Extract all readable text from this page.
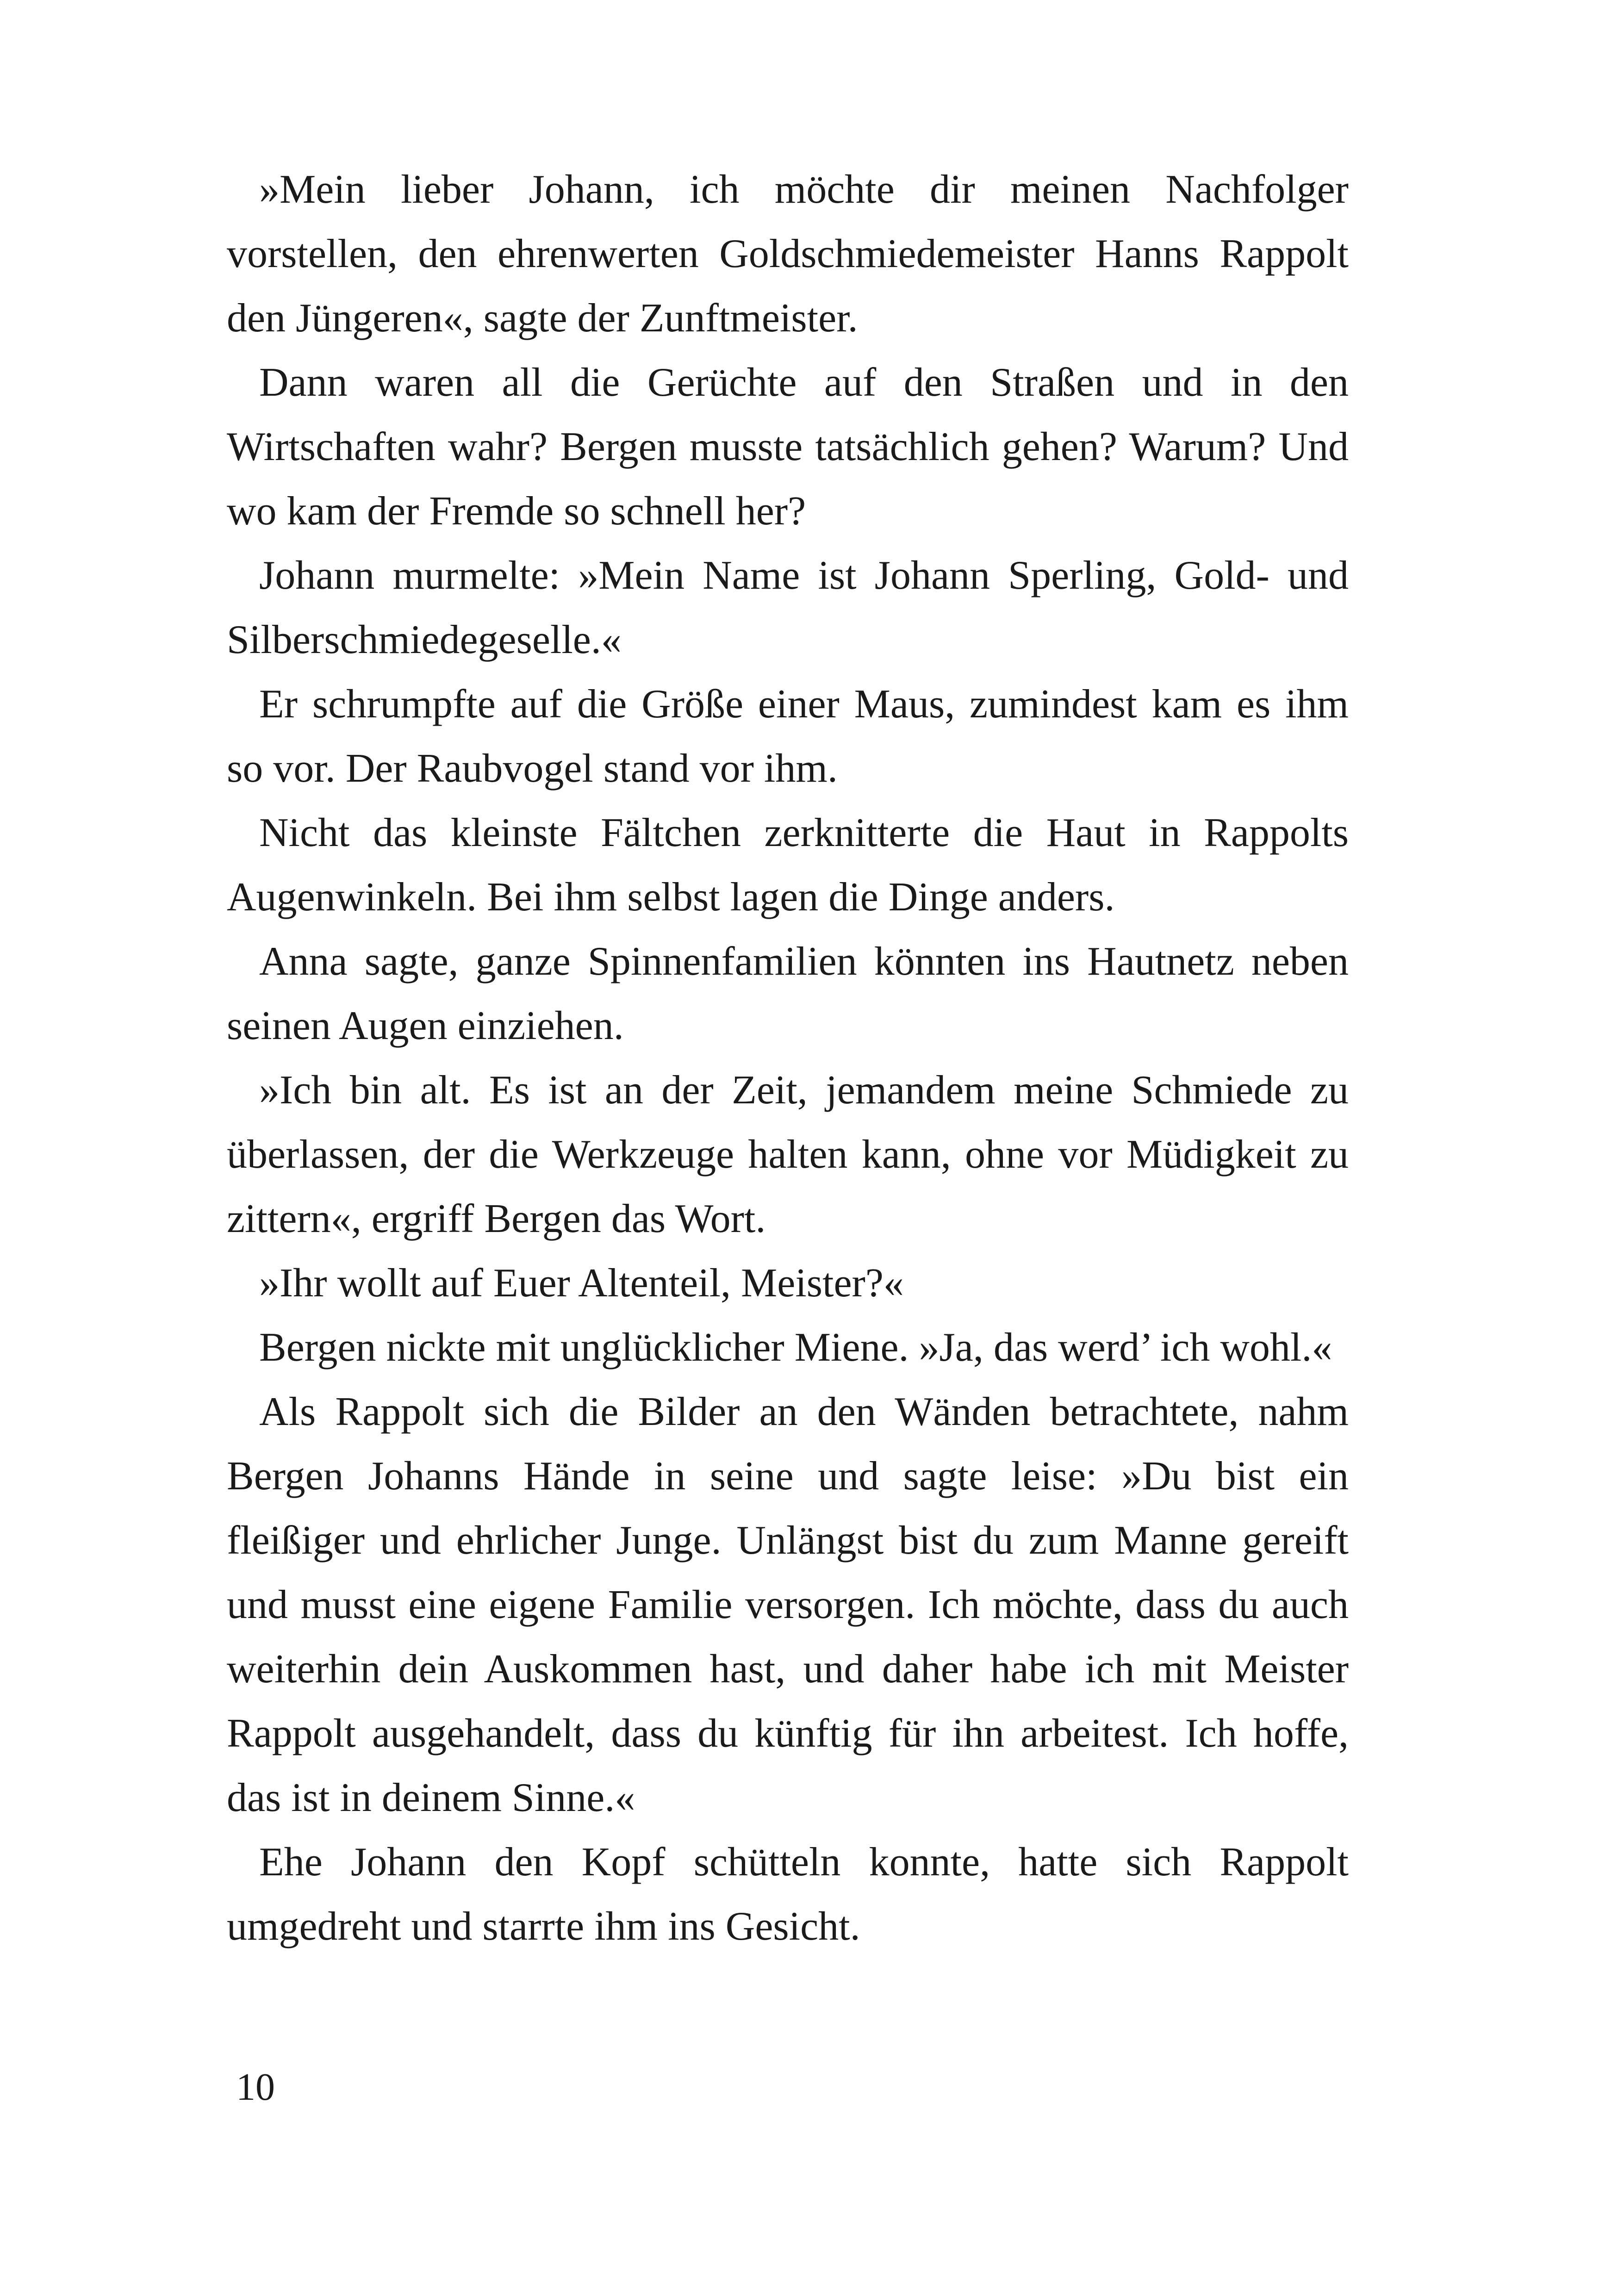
»Mein lieber Johann, ich möchte dir meinen Nachfolger vorstellen, den ehrenwerten Goldschmiedemeister Hanns Rappolt den Jüngeren«, sagte der Zunftmeister.

Dann waren all die Gerüchte auf den Straßen und in den Wirtschaften wahr? Bergen musste tatsächlich gehen? Warum? Und wo kam der Fremde so schnell her?

Johann murmelte: »Mein Name ist Johann Sperling, Gold- und Silberschmiedegeselle.«

Er schrumpfte auf die Größe einer Maus, zumindest kam es ihm so vor. Der Raubvogel stand vor ihm.

Nicht das kleinste Fältchen zerknitterte die Haut in Rappolts Augenwinkeln. Bei ihm selbst lagen die Dinge anders.

Anna sagte, ganze Spinnenfamilien könnten ins Hautnetz neben seinen Augen einziehen.

»Ich bin alt. Es ist an der Zeit, jemandem meine Schmiede zu überlassen, der die Werkzeuge halten kann, ohne vor Müdigkeit zu zittern«, ergriff Bergen das Wort.

»Ihr wollt auf Euer Altenteil, Meister?«

Bergen nickte mit unglücklicher Miene. »Ja, das werd’ ich wohl.«

Als Rappolt sich die Bilder an den Wänden betrachtete, nahm Bergen Johanns Hände in seine und sagte leise: »Du bist ein fleißiger und ehrlicher Junge. Unlängst bist du zum Manne gereift und musst eine eigene Familie versorgen. Ich möchte, dass du auch weiterhin dein Auskommen hast, und daher habe ich mit Meister Rappolt ausgehandelt, dass du künftig für ihn arbeitest. Ich hoffe, das ist in deinem Sinne.«

Ehe Johann den Kopf schütteln konnte, hatte sich Rappolt umgedreht und starrte ihm ins Gesicht.

10
